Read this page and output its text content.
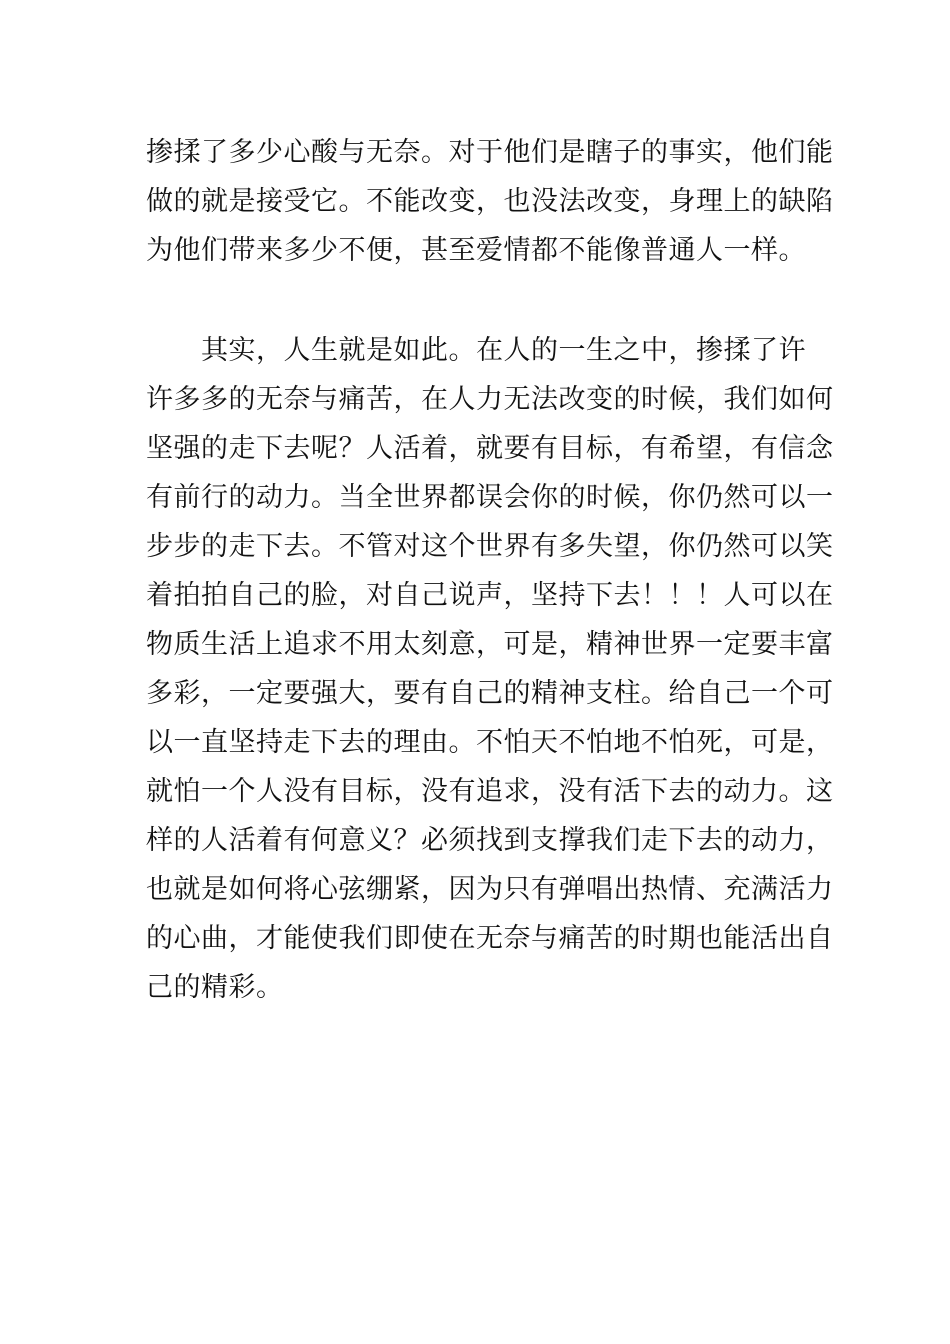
掺揉了多少心酸与无奈。对于他们是瞎子的事实，他们能
做的就是接受它。不能改变，也没法改变，身理上的缺陷
为他们带来多少不便，甚至爱情都不能像普通人一样。
　　其实，人生就是如此。在人的一生之中，掺揉了许
许多多的无奈与痛苦，在人力无法改变的时候，我们如何
坚强的走下去呢？人活着，就要有目标，有希望，有信念
有前行的动力。当全世界都误会你的时候，你仍然可以一
步步的走下去。不管对这个世界有多失望，你仍然可以笑
着拍拍自己的脸，对自己说声，坚持下去！！！人可以在
物质生活上追求不用太刻意，可是，精神世界一定要丰富
多彩，一定要强大，要有自己的精神支柱。给自己一个可
以一直坚持走下去的理由。不怕天不怕地不怕死，可是，
就怕一个人没有目标，没有追求，没有活下去的动力。这
样的人活着有何意义？必须找到支撑我们走下去的动力，
也就是如何将心弦绷紧，因为只有弹唱出热情、充满活力
的心曲，才能使我们即使在无奈与痛苦的时期也能活出自
己的精彩。
